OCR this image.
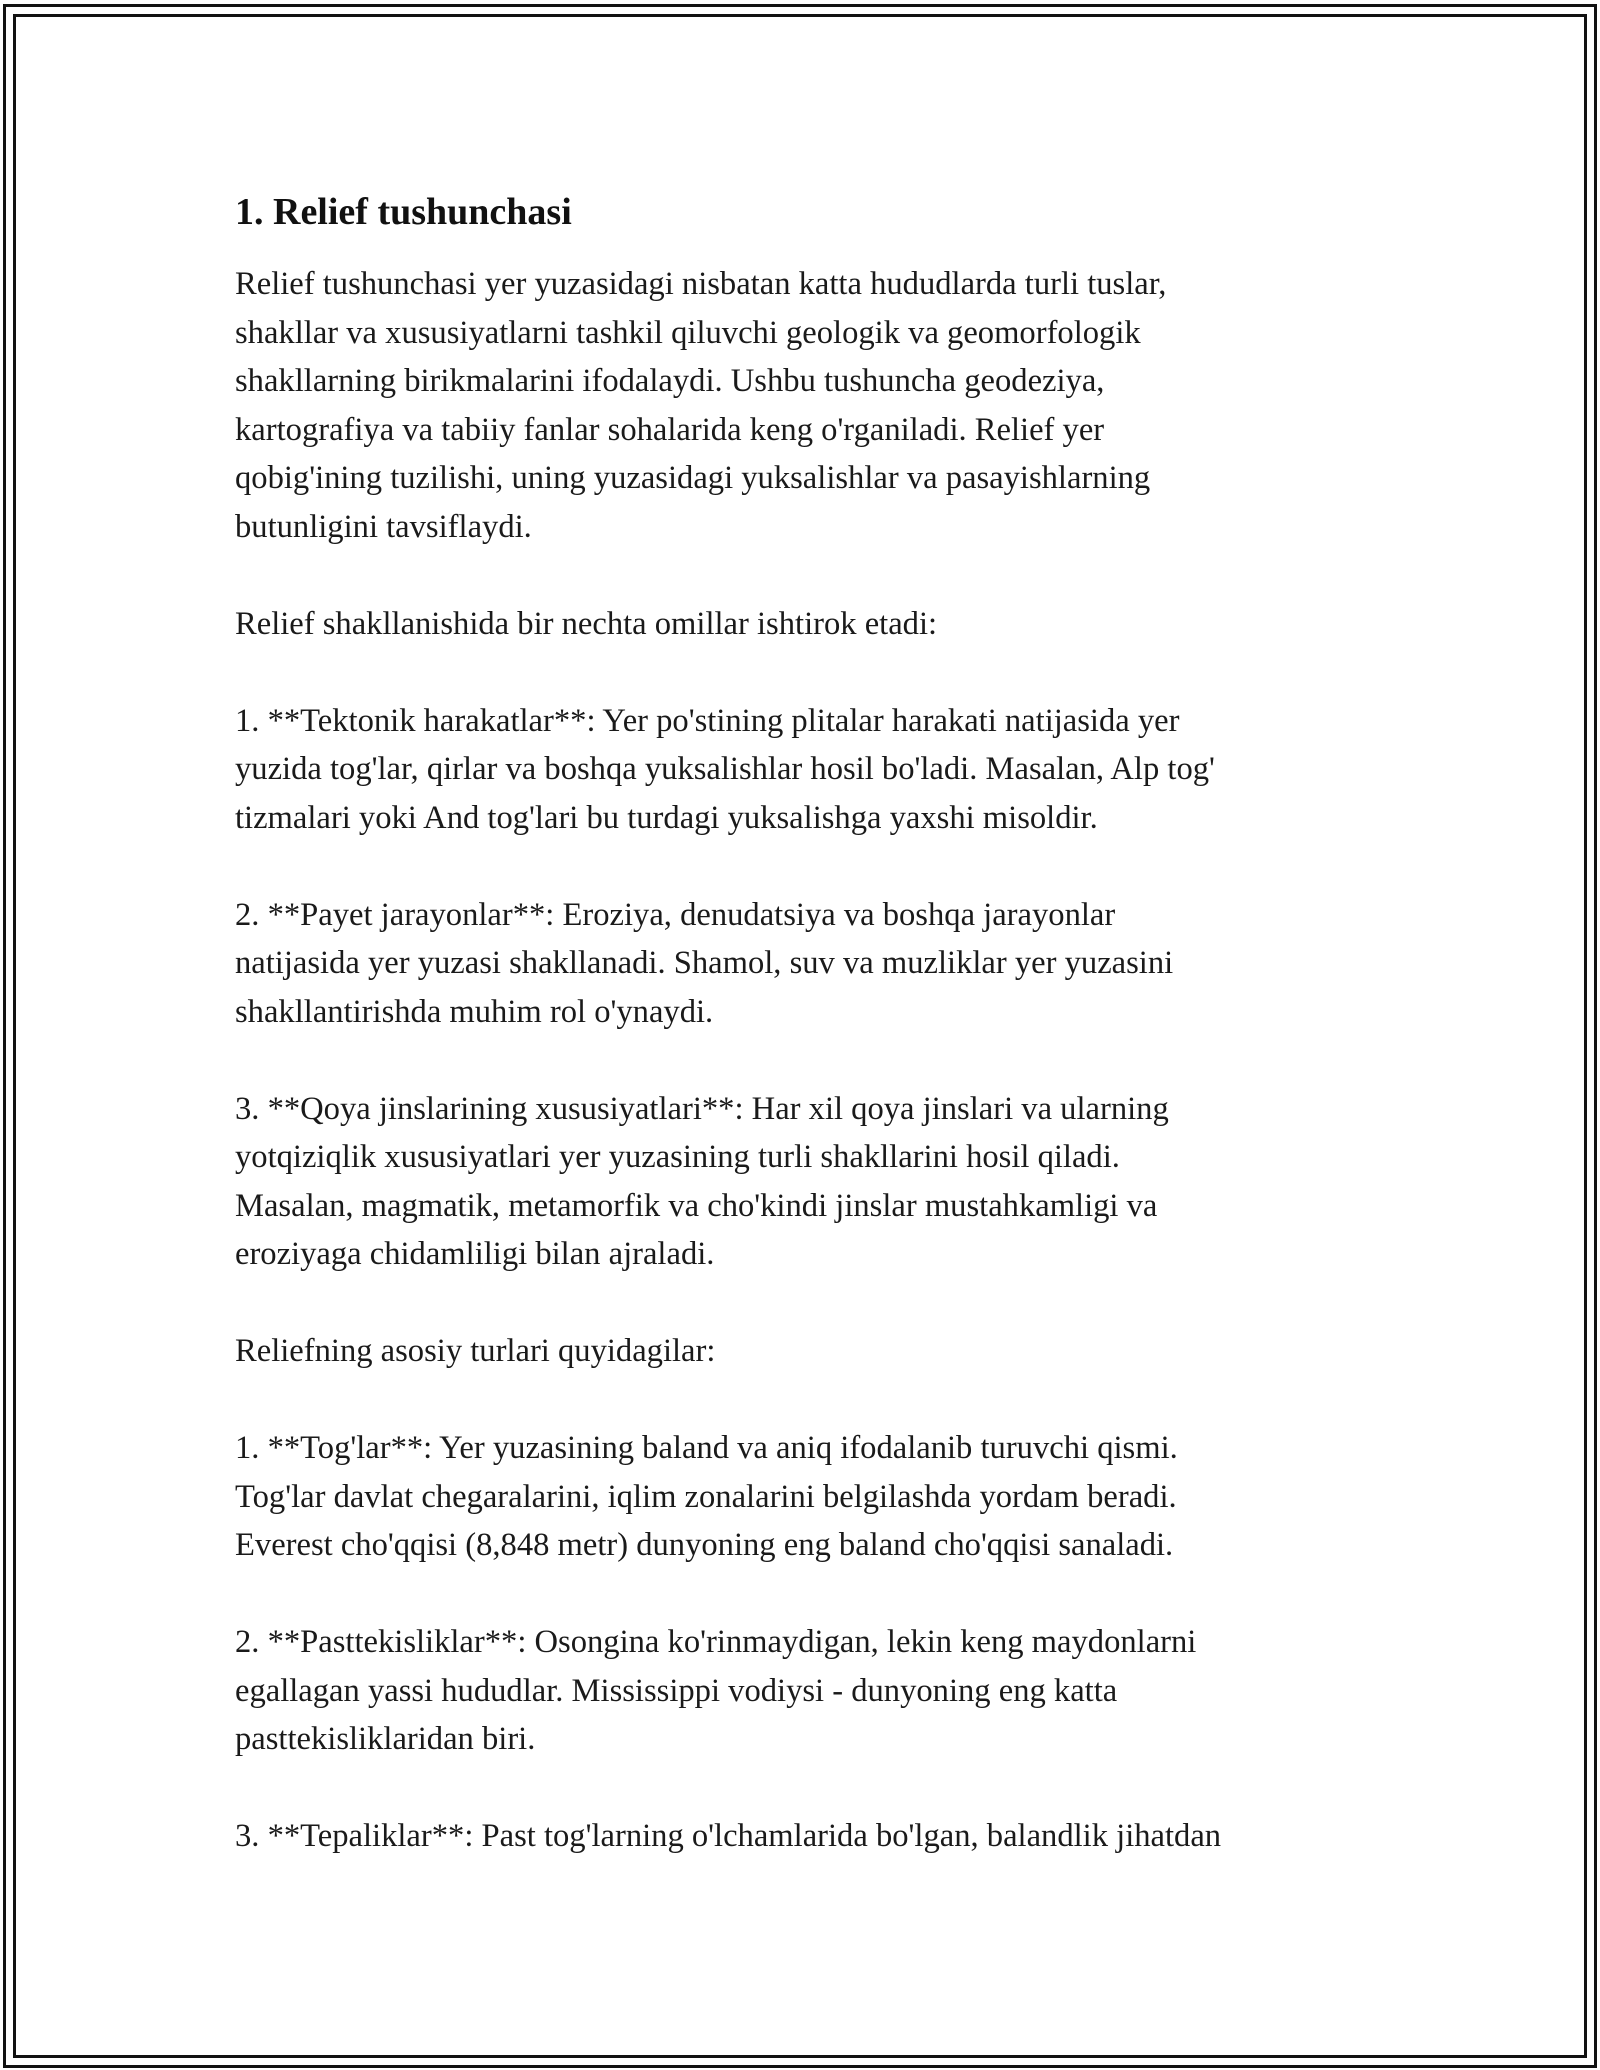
1. Relief tushunchasi
Relief tushunchasi yer yuzasidagi nisbatan katta hududlarda turli tuslar,
shakllar va xususiyatlarni tashkil qiluvchi geologik va geomorfologik
shakllarning birikmalarini ifodalaydi. Ushbu tushuncha geodeziya,
kartografiya va tabiiy fanlar sohalarida keng o'rganiladi. Relief yer
qobig'ining tuzilishi, uning yuzasidagi yuksalishlar va pasayishlarning
butunligini tavsiflaydi.
Relief shakllanishida bir nechta omillar ishtirok etadi:
1. **Tektonik harakatlar**: Yer po'stining plitalar harakati natijasida yer
yuzida tog'lar, qirlar va boshqa yuksalishlar hosil bo'ladi. Masalan, Alp tog'
tizmalari yoki And tog'lari bu turdagi yuksalishga yaxshi misoldir.
2. **Payet jarayonlar**: Eroziya, denudatsiya va boshqa jarayonlar
natijasida yer yuzasi shakllanadi. Shamol, suv va muzliklar yer yuzasini
shakllantirishda muhim rol o'ynaydi.
3. **Qoya jinslarining xususiyatlari**: Har xil qoya jinslari va ularning
yotqiziqlik xususiyatlari yer yuzasining turli shakllarini hosil qiladi.
Masalan, magmatik, metamorfik va cho'kindi jinslar mustahkamligi va
eroziyaga chidamliligi bilan ajraladi.
Reliefning asosiy turlari quyidagilar:
1. **Tog'lar**: Yer yuzasining baland va aniq ifodalanib turuvchi qismi.
Tog'lar davlat chegaralarini, iqlim zonalarini belgilashda yordam beradi.
Everest cho'qqisi (8,848 metr) dunyoning eng baland cho'qqisi sanaladi.
2. **Pasttekisliklar**: Osongina ko'rinmaydigan, lekin keng maydonlarni
egallagan yassi hududlar. Mississippi vodiysi - dunyoning eng katta
pasttekisliklaridan biri.
3. **Tepaliklar**: Past tog'larning o'lchamlarida bo'lgan, balandlik jihatdan
